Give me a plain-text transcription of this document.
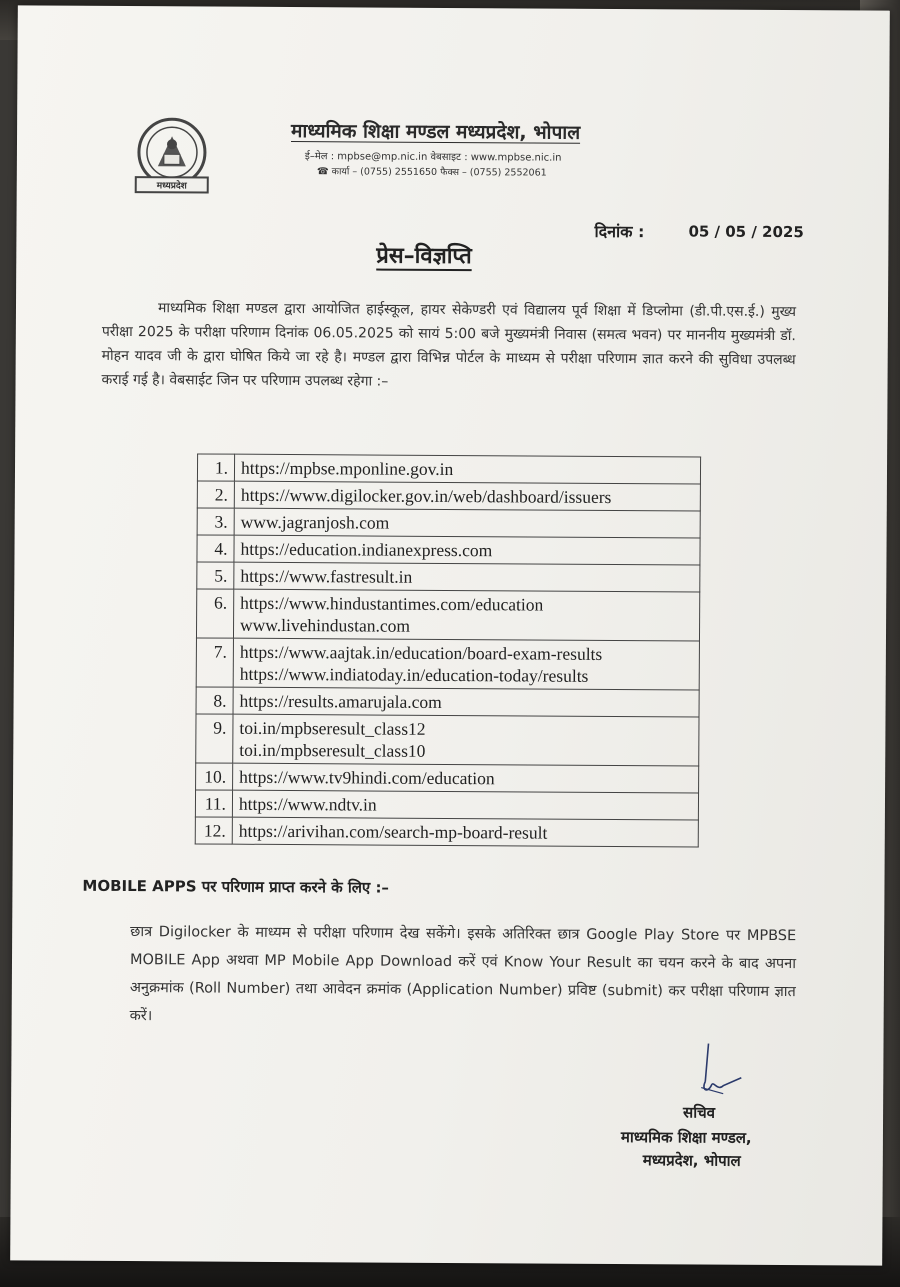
मध्यप्रदेश
माध्यमिक शिक्षा मण्डल मध्यप्रदेश, भोपाल
ई–मेल : mpbse@mp.nic.in वेबसाइट : www.mpbse.nic.in
☎ कार्या – (0755) 2551650 फैक्स – (0755) 2552061
दिनांक :	05 / 05 / 2025
प्रेस–विज्ञप्ति

माध्यमिक शिक्षा मण्डल द्वारा आयोजित हाईस्कूल, हायर सेकेण्डरी एवं विद्यालय पूर्व शिक्षा में डिप्लोमा (डी.पी.एस.ई.) मुख्य परीक्षा 2025 के परीक्षा परिणाम दिनांक 06.05.2025 को सायं 5:00 बजे मुख्यमंत्री निवास (समत्व भवन) पर माननीय मुख्यमंत्री डॉ. मोहन यादव जी के द्वारा घोषित किये जा रहे है। मण्डल द्वारा विभिन्न पोर्टल के माध्यम से परीक्षा परिणाम ज्ञात करने की सुविधा उपलब्ध कराई गई है। वेबसाईट जिन पर परिणाम उपलब्ध रहेगा :–

1.	https://mpbse.mponline.gov.in

2.	https://www.digilocker.gov.in/web/dashboard/issuers

3.	www.jagranjosh.com

4.	https://education.indianexpress.com

5.	https://www.fastresult.in

6.	https://www.hindustantimes.com/education
www.livehindustan.com

7.	https://www.aajtak.in/education/board-exam-results
https://www.indiatoday.in/education-today/results

8.	https://results.amarujala.com

9.	toi.in/mpbseresult_class12
toi.in/mpbseresult_class10

10.	https://www.tv9hindi.com/education

11.	https://www.ndtv.in

12.	https://arivihan.com/search-mp-board-result
MOBILE APPS पर परिणाम प्राप्त करने के लिए :–

छात्र Digilocker के माध्यम से परीक्षा परिणाम देख सकेंगे। इसके अतिरिक्त छात्र Google Play Store पर MPBSE MOBILE App अथवा MP Mobile App Download करें एवं Know Your Result का चयन करने के बाद अपना अनुक्रमांक (Roll Number) तथा आवेदन क्रमांक (Application Number) प्रविष्ट (submit) कर परीक्षा परिणाम ज्ञात करें।

सचिव
माध्यमिक शिक्षा मण्डल,
मध्यप्रदेश, भोपाल
